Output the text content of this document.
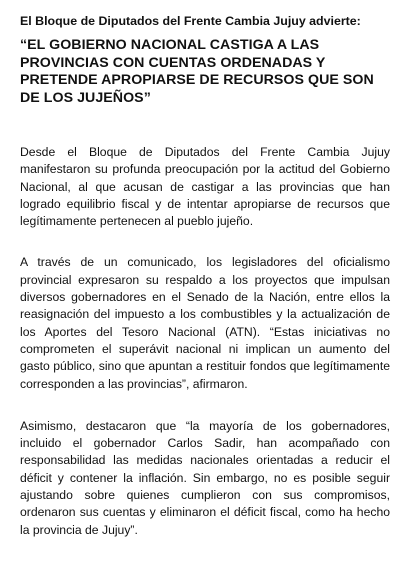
El Bloque de Diputados del Frente Cambia Jujuy advierte:

“EL GOBIERNO NACIONAL CASTIGA A LAS PROVINCIAS CON CUENTAS ORDENADAS Y PRETENDE APROPIARSE DE RECURSOS QUE SON DE LOS JUJEÑOS”

Desde el Bloque de Diputados del Frente Cambia Jujuy manifestaron su profunda preocupación por la actitud del Gobierno Nacional, al que acusan de castigar a las provincias que han logrado equilibrio fiscal y de intentar apropiarse de recursos que legítimamente pertenecen al pueblo jujeño.

A través de un comunicado, los legisladores del oficialismo provincial expresaron su respaldo a los proyectos que impulsan diversos gobernadores en el Senado de la Nación, entre ellos la reasignación del impuesto a los combustibles y la actualización de los Aportes del Tesoro Nacional (ATN). “Estas iniciativas no comprometen el superávit nacional ni implican un aumento del gasto público, sino que apuntan a restituir fondos que legítimamente corresponden a las provincias”, afirmaron.

Asimismo, destacaron que “la mayoría de los gobernadores, incluido el gobernador Carlos Sadir, han acompañado con responsabilidad las medidas nacionales orientadas a reducir el déficit y contener la inflación. Sin embargo, no es posible seguir ajustando sobre quienes cumplieron con sus compromisos, ordenaron sus cuentas y eliminaron el déficit fiscal, como ha hecho la provincia de Jujuy”.
